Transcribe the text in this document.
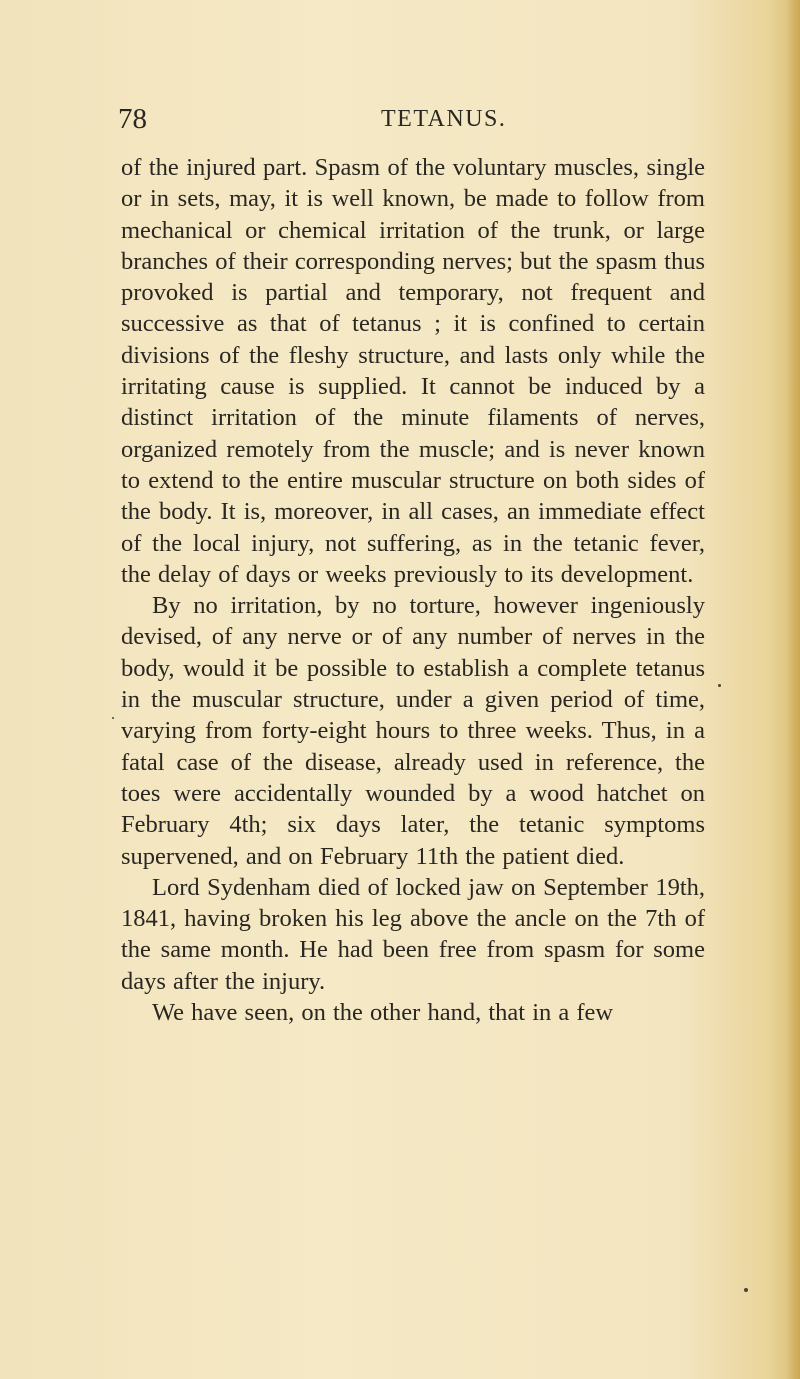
78	TETANUS.

of the injured part. Spasm of the voluntary muscles, single or in sets, may, it is well known, be made to follow from mechanical or chemical irritation of the trunk, or large branches of their corresponding nerves; but the spasm thus provoked is partial and temporary, not frequent and successive as that of tetanus ; it is confined to certain divisions of the fleshy structure, and lasts only while the irritating cause is supplied. It cannot be induced by a distinct irritation of the minute filaments of nerves, organized remotely from the muscle; and is never known to extend to the entire muscular structure on both sides of the body. It is, moreover, in all cases, an immediate effect of the local injury, not suffering, as in the tetanic fever, the delay of days or weeks previously to its development.

By no irritation, by no torture, however ingeniously devised, of any nerve or of any number of nerves in the body, would it be possible to establish a complete tetanus in the muscular structure, under a given period of time, varying from forty-eight hours to three weeks. Thus, in a fatal case of the disease, already used in reference, the toes were accidentally wounded by a wood hatchet on February 4th; six days later, the tetanic symptoms supervened, and on February 11th the patient died.

Lord Sydenham died of locked jaw on September 19th, 1841, having broken his leg above the ancle on the 7th of the same month. He had been free from spasm for some days after the injury.

We have seen, on the other hand, that in a few
